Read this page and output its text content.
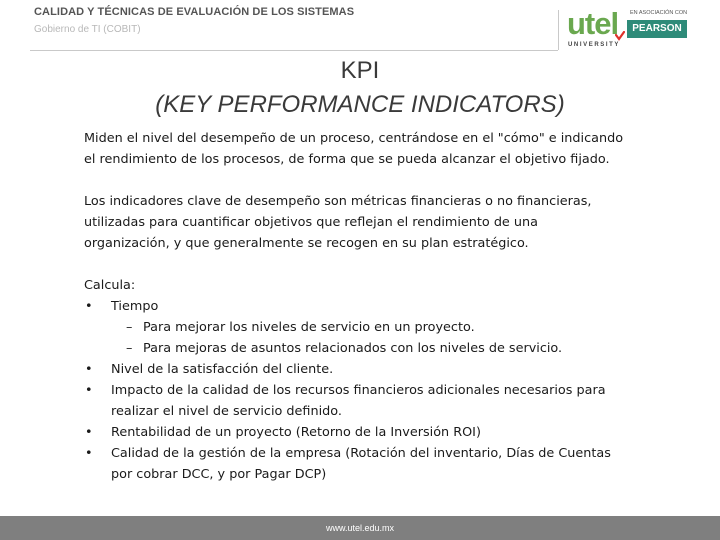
CALIDAD Y TÉCNICAS DE EVALUACIÓN DE LOS SISTEMAS
Gobierno de TI (COBIT)	utel
UNIVERSITY
EN ASOCIACIÓN CON
PEARSON
KPI
(KEY PERFORMANCE INDICATORS)

Miden el nivel del desempeño de un proceso, centrándose en el "cómo" e indicando el rendimiento de los procesos, de forma que se pueda alcanzar el objetivo fijado.

Los indicadores clave de desempeño son métricas financieras o no financieras, utilizadas para cuantificar objetivos que reflejan el rendimiento de una organización, y que generalmente se recogen en su plan estratégico.

Calcula:

• Tiempo
– Para mejorar los niveles de servicio en un proyecto.
– Para mejoras de asuntos relacionados con los niveles de servicio.
• Nivel de la satisfacción del cliente.
• Impacto de la calidad de los recursos financieros adicionales necesarios para realizar el nivel de servicio definido.
• Rentabilidad de un proyecto (Retorno de la Inversión ROI)
• Calidad de la gestión de la empresa (Rotación del inventario, Días de Cuentas por cobrar DCC, y por Pagar DCP)
www.utel.edu.mx
